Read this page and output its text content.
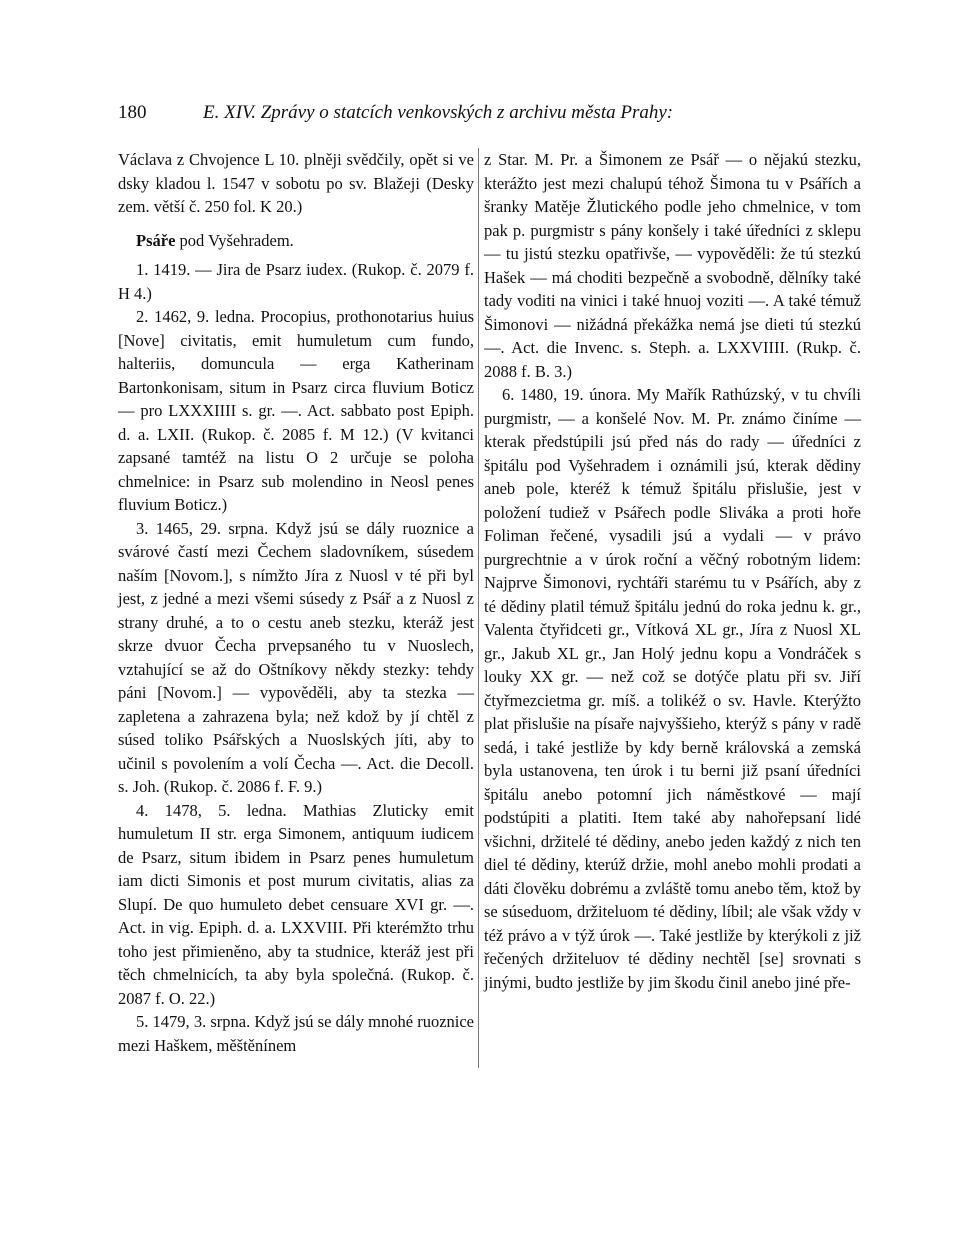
180	E. XIV. Zprávy o statcích venkovských z archivu města Prahy:

Václava z Chvojence L 10. plněji svědčily, opět si ve dsky kladou l. 1547 v sobotu po sv. Blažeji (Desky zem. větší č. 250 fol. K 20.)

Psáře pod Vyšehradem.

1. 1419. — Jira de Psarz iudex. (Rukop. č. 2079 f. H 4.)

2. 1462, 9. ledna. Procopius, prothonotarius huius [Nove] civitatis, emit humuletum cum fundo, halteriis, domuncula — erga Katherinam Bartonkonisam, situm in Psarz circa fluvium Boticz — pro LXXXIIII s. gr. —. Act. sabbato post Epiph. d. a. LXII. (Rukop. č. 2085 f. M 12.) (V kvitanci zapsané tamtéž na listu O 2 určuje se poloha chmelnice: in Psarz sub molendino in Neosl penes fluvium Boticz.)

3. 1465, 29. srpna. Když jsú se dály ruoznice a svárové častí mezi Čechem sladovníkem, súsedem naším [Novom.], s nímžto Jíra z Nuosl v té při byl jest, z jedné a mezi všemi súsedy z Psář a z Nuosl z strany druhé, a to o cestu aneb stezku, kteráž jest skrze dvuor Čecha prvepsaného tu v Nuoslech, vztahující se až do Oštníkovy někdy stezky: tehdy páni [Novom.] — vypověděli, aby ta stezka — zapletena a zahrazena byla; než kdož by jí chtěl z súsed toliko Psářských a Nuoslských jíti, aby to učinil s povolením a volí Čecha —. Act. die Decoll. s. Joh. (Rukop. č. 2086 f. F. 9.)

4. 1478, 5. ledna. Mathias Zluticky emit humuletum II str. erga Simonem, antiquum iudicem de Psarz, situm ibidem in Psarz penes humuletum iam dicti Simonis et post murum civitatis, alias za Slupí. De quo humuleto debet censuare XVI gr. —. Act. in vig. Epiph. d. a. LXXVIII. Při kterémžto trhu toho jest přimieněno, aby ta studnice, kteráž jest při těch chmelnicích, ta aby byla společná. (Rukop. č. 2087 f. O. 22.)

5. 1479, 3. srpna. Když jsú se dály mnohé ruoznice mezi Haškem, měštěnínem

z Star. M. Pr. a Šimonem ze Psář — o nějakú stezku, kterážto jest mezi chalupú téhož Šimona tu v Psářích a šranky Matěje Žlutického podle jeho chmelnice, v tom pak p. purgmistr s pány konšely i také úředníci z sklepu — tu jistú stezku opatřivše, — vypověděli: že tú stezkú Hašek — má choditi bezpečně a svobodně, dělníky také tady voditi na vinici i také hnuoj voziti —. A také témuž Šimonovi — nižádná překážka nemá jse dieti tú stezkú —. Act. die Invenc. s. Steph. a. LXXVIIII. (Rukp. č. 2088 f. B. 3.)

6. 1480, 19. února. My Mařík Rathúzský, v tu chvíli purgmistr, — a konšelé Nov. M. Pr. známo činíme — kterak předstúpili jsú před nás do rady — úředníci z špitálu pod Vyšehradem i oznámili jsú, kterak dědiny aneb pole, kteréž k témuž špitálu přislušie, jest v položení tudiež v Psářech podle Sliváka a proti hoře Foliman řečené, vysadili jsú a vydali — v právo purgrechtnie a v úrok roční a věčný robotným lidem: Najprve Šimonovi, rychtáři starému tu v Psářích, aby z té dědiny platil témuž špitálu jednú do roka jednu k. gr., Valenta čtyřidceti gr., Vítková XL gr., Jíra z Nuosl XL gr., Jakub XL gr., Jan Holý jednu kopu a Vondráček s louky XX gr. — než což se dotýče platu při sv. Jiří čtyřmezcietma gr. míš. a tolikéž o sv. Havle. Kterýžto plat přislušie na písaře najvyššieho, kterýž s pány v radě sedá, i také jestliže by kdy berně královská a zemská byla ustanovena, ten úrok i tu berni již psaní úředníci špitálu anebo potomní jich náměstkové — mají podstúpiti a platiti. Item také aby nahořepsaní lidé všichni, držitelé té dědiny, anebo jeden každý z nich ten diel té dědiny, kterúž držie, mohl anebo mohli prodati a dáti člověku dobrému a zvláště tomu anebo těm, ktož by se súseduom, držiteluom té dědiny, líbil; ale však vždy v též právo a v týž úrok —. Také jestliže by kterýkoli z již řečených držiteluov té dědiny nechtěl [se] srovnati s jinými, budto jestliže by jim škodu činil anebo jiné pře-
